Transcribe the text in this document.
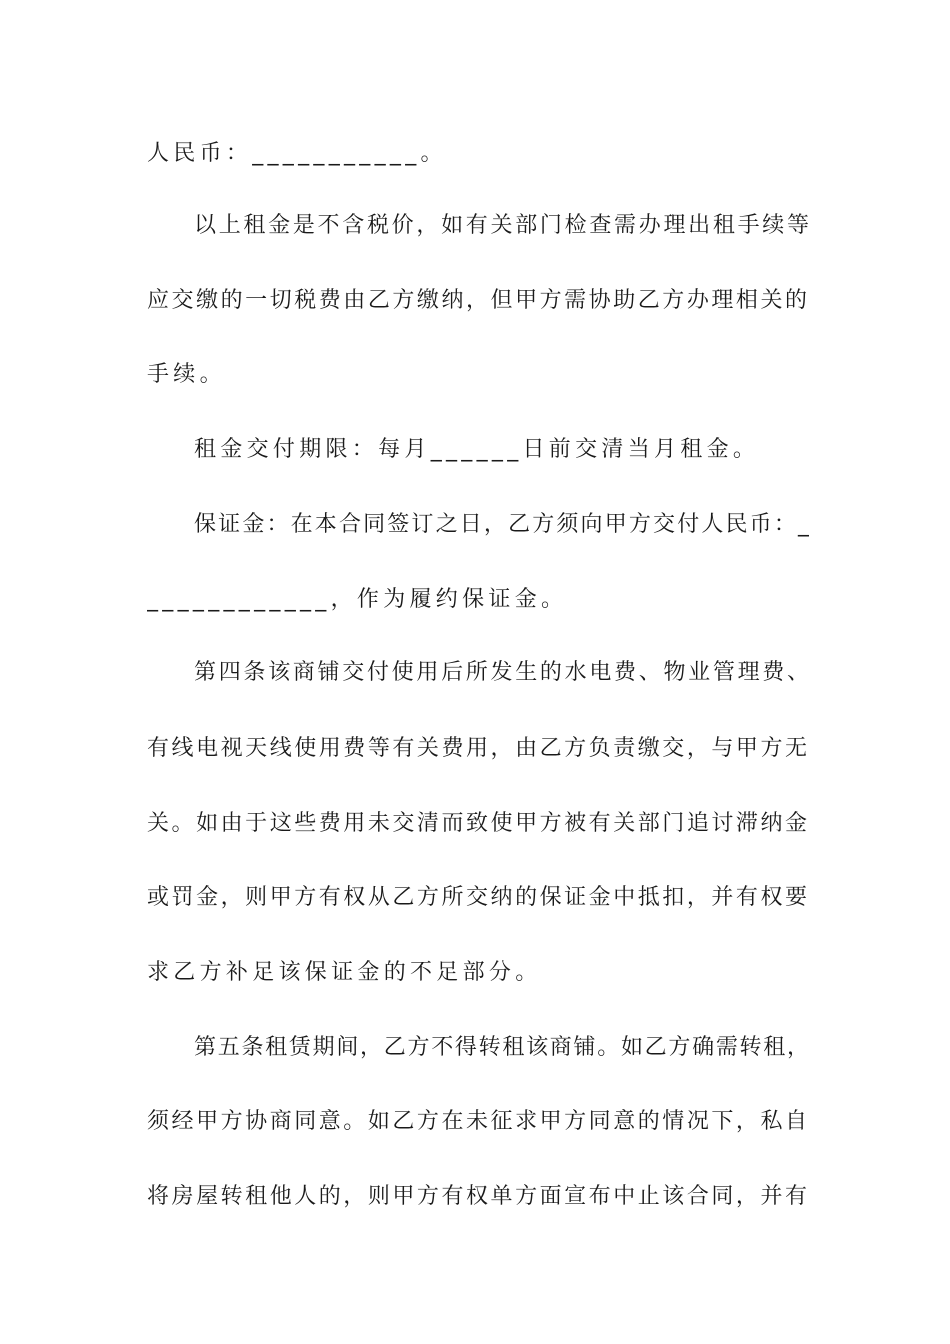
人民币：___________。
以上租金是不含税价，如有关部门检查需办理出租手续等
应交缴的一切税费由乙方缴纳，但甲方需协助乙方办理相关的
手续。
租金交付期限：每月______日前交清当月租金。
保证金：在本合同签订之日，乙方须向甲方交付人民币：_
____________，作为履约保证金。
第四条该商铺交付使用后所发生的水电费、物业管理费、
有线电视天线使用费等有关费用，由乙方负责缴交，与甲方无
关。如由于这些费用未交清而致使甲方被有关部门追讨滞纳金
或罚金，则甲方有权从乙方所交纳的保证金中抵扣，并有权要
求乙方补足该保证金的不足部分。
第五条租赁期间，乙方不得转租该商铺。如乙方确需转租，
须经甲方协商同意。如乙方在未征求甲方同意的情况下，私自
将房屋转租他人的，则甲方有权单方面宣布中止该合同，并有
